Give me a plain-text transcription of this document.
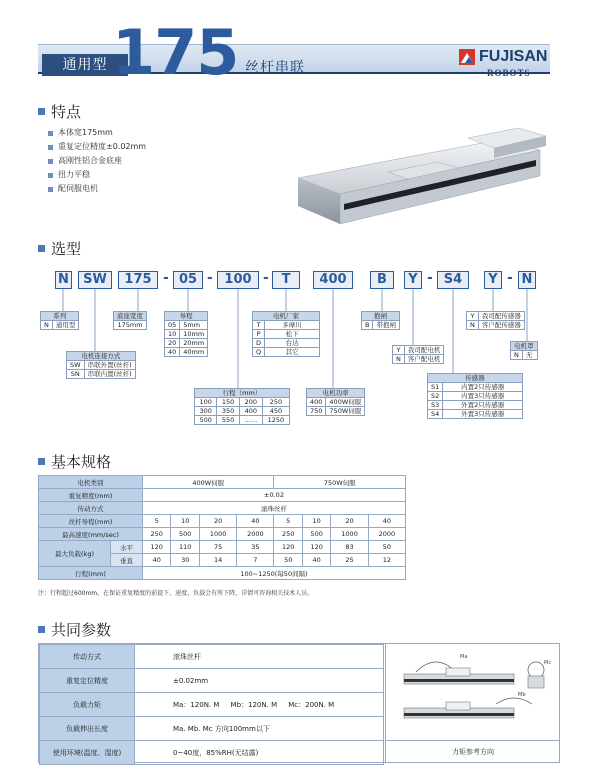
通用型 175 丝杆串联
FUJISAN
ROBOTS
特点
本体宽175mm
重复定位精度±0.02mm
高刚性铝合金底座
扭力平稳
配伺服电机
选型
N	SW	175 - 05 - 100 - T	400	B	Y - S4	Y - N
系列
N	通用型
电机连接方式	
SW	串联外置(丝杆)
SN	串联内置(丝杆)
底座宽度
175mm
导程	
05	5mm
10	10mm
20	20mm
40	40mm
行程（mm）			
100	150	200	250
300	350	400	450
500	550	……	1250
电机厂家	
T	多摩川
P	松下
D	台达
Q	其它
电机功率	
400	400W伺服
750	750W伺服
抱闸
B	带抱闸
Y	我司配电机
N	客户配电机
传感器	
S1	内置2只传感器
S2	内置3只传感器
S3	外置2只传感器
S4	外置3只传感器
Y	我司配传感器
N	客户配传感器
电机罩
N	无
基本规格
电机类别		400W伺服				750W伺服			
重复精度(mm)		±0.02							
传动方式		滚珠丝杆							
丝杆导程(mm)		5	10	20	40	5	10	20	40
最高速度(mm/sec)		250	500	1000	2000	250	500	1000	2000
最大负载(kg)	水平	120	110	75	35	120	120	83	50
	垂直	40	30	14	7	50	40	25	12
行程(mm)		100~1250(每50间隔)							
注：行程超过600mm，在保证重复精度的前提下，速度、负载会有所下降，详情可咨询相关技术人员。
共同参数
传动方式	滚珠丝杆
重复定位精度	±0.02mm
负载力矩	Ma：120N. M     Mb：120N. M     Mc：200N. M
负载伸出长度	Ma. Mb. Mc 方向100mm以下
使用环境(温度、湿度)	0~40度，85%RH(无结露)
Ma
Mc
Mb
力矩参考方向
